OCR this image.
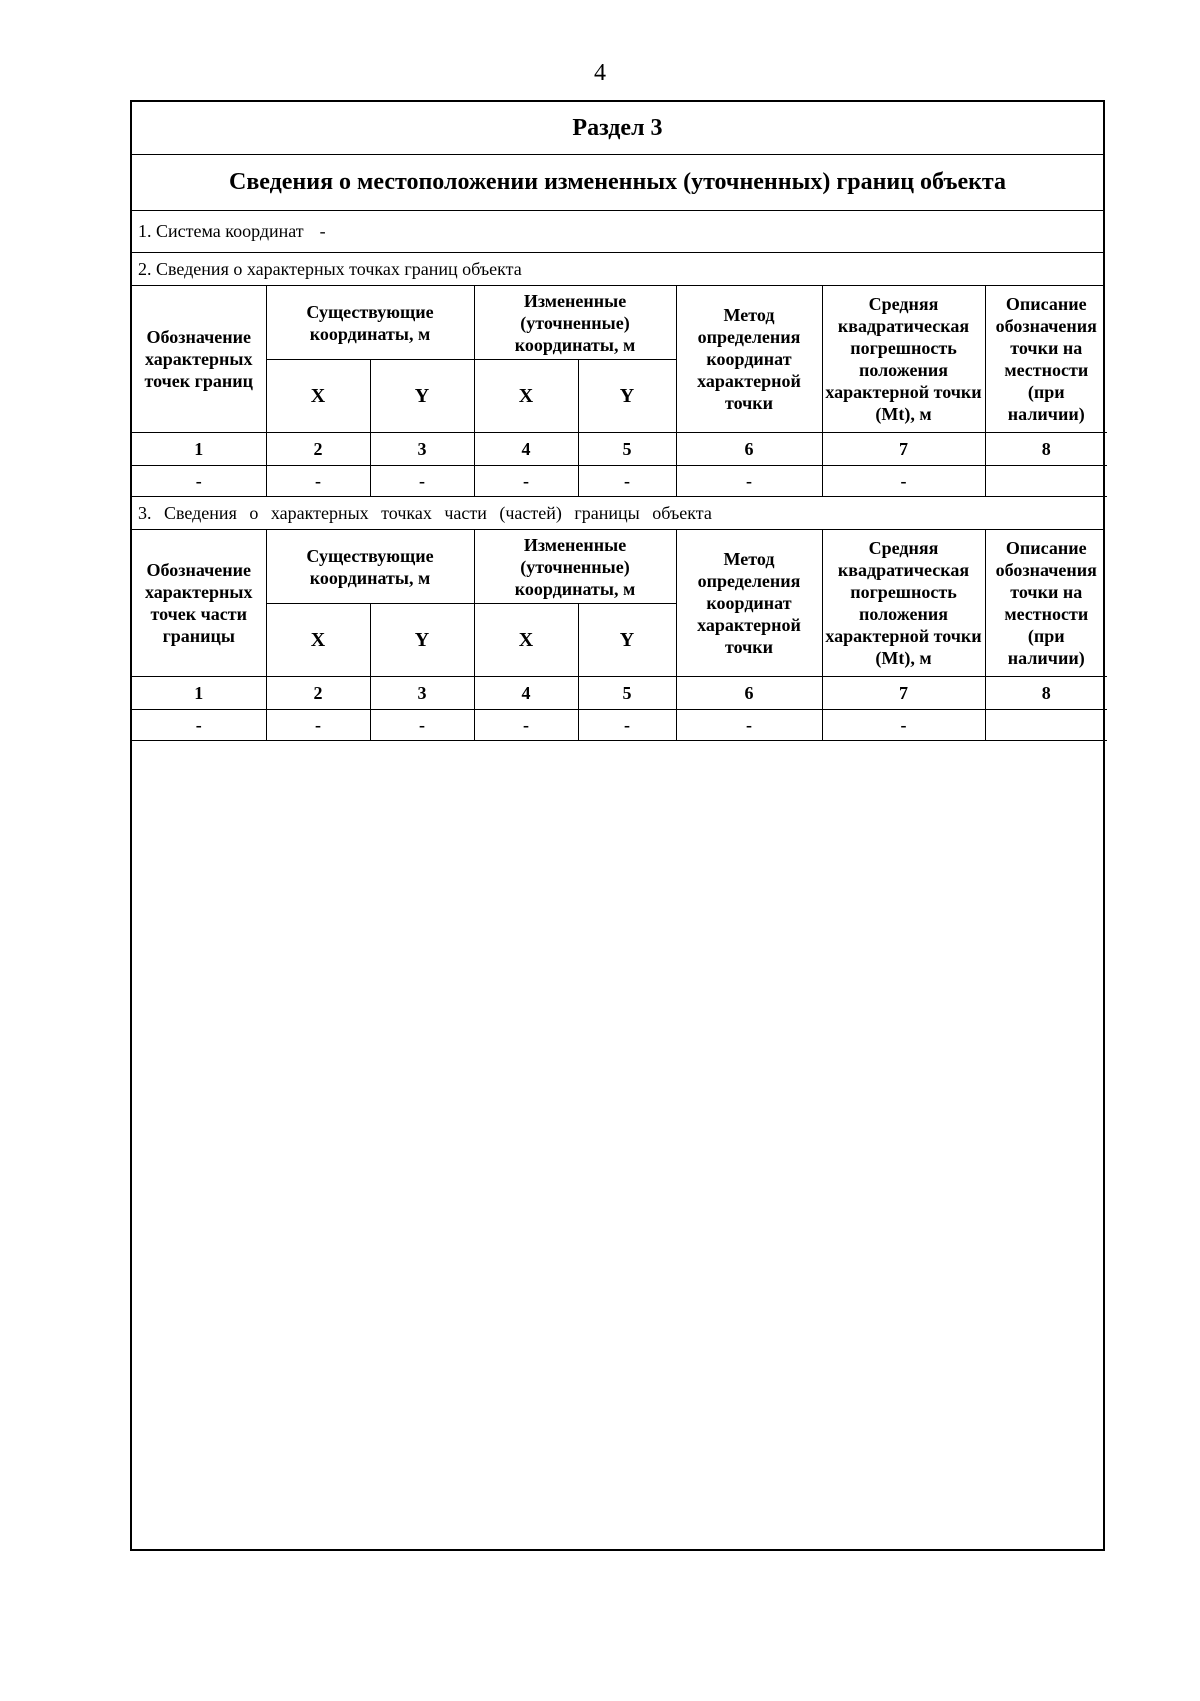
4
Раздел 3
Сведения о местоположении измененных (уточненных) границ объекта
1. Система координат -
2. Сведения о характерных точках границ объекта
Обозначение характерных точек границ	Существующие координаты, м		Измененные (уточненные) координаты, м		Метод определения координат характерной точки	Средняя квадратическая погрешность положения характерной точки (Mt), м	Описание обозначения точки на местности (при наличии)
	X	Y	X	Y			
1	2	3	4	5	6	7	8
-	-	-	-	-	-	-	
3. Сведения о характерных точках части (частей) границы объекта
Обозначение характерных точек части границы	Существующие координаты, м		Измененные (уточненные) координаты, м		Метод определения координат характерной точки	Средняя квадратическая погрешность положения характерной точки (Mt), м	Описание обозначения точки на местности (при наличии)
	X	Y	X	Y			
1	2	3	4	5	6	7	8
-	-	-	-	-	-	-	
